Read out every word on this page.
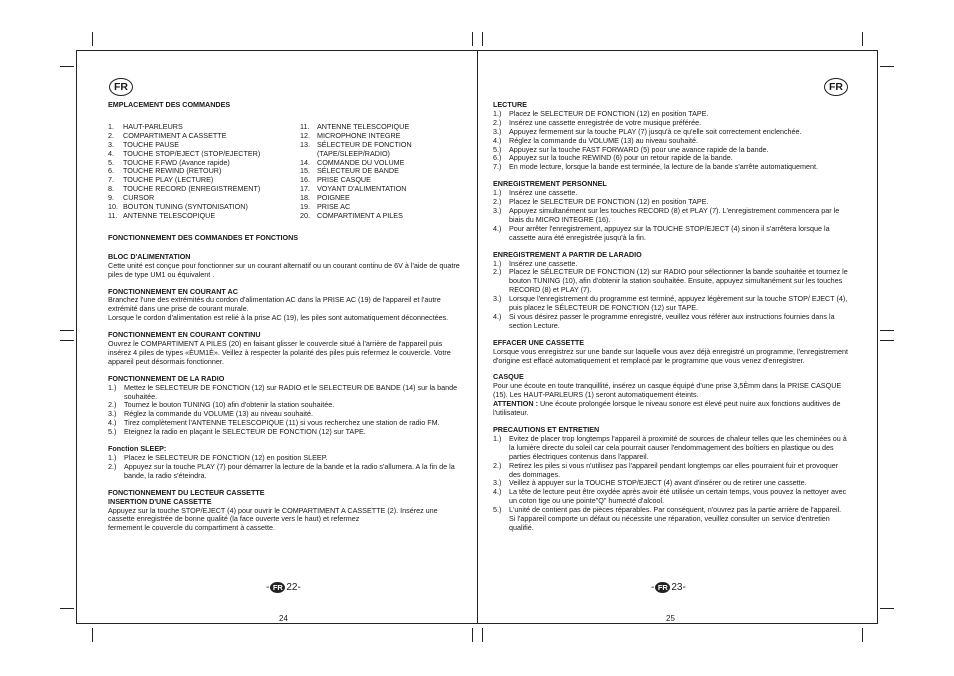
FR	FR

EMPLACEMENT DES COMMANDES

1.	HAUT-PARLEURS
2.	COMPARTIMENT A CASSETTE
3.	TOUCHE PAUSE
4.	TOUCHE STOP/EJECT (STOP/EJECTER)
5.	TOUCHE F.FWD (Avance rapide)
6.	TOUCHE REWIND (RETOUR)
7.	TOUCHE PLAY (LECTURE)
8.	TOUCHE RECORD (ENREGISTREMENT)
9.	CURSOR
10. BOUTON TUNING (SYNTONISATION)
11. ANTENNE TELESCOPIQUE
11.	ANTENNE TELESCOPIQUE
12. MICROPHONE INTEGRE
13. SÉLECTEUR DE FONCTION
(TAPE/SLEEP/RADIO)
14. COMMANDE DU VOLUME
15. SÉLECTEUR DE BANDE
16. PRISE CASQUE
17. VOYANT D'ALIMENTATION
18. POIGNEE
19. PRISE AC
20. COMPARTIMENT A PILES

FONCTIONNEMENT DES COMMANDES ET FONCTIONS

BLOC D'ALIMENTATION

Cette unité est conçue pour fonctionner sur un courant alternatif ou un courant continu de 6V à l'aide de quatre piles de type UM1 ou équivalent .

FONCTIONNEMENT EN COURANT AC

Branchez l'une des extrémités du cordon d'alimentation AC dans la PRISE AC (19) de l'appareil et l'autre extrémité dans une prise de courant murale.

Lorsque le cordon d'alimentation est relié à la prise AC (19), les piles sont automatiquement déconnectées.

FONCTIONNEMENT EN COURANT CONTINU

Ouvrez le COMPARTIMENT A PILES (20) en faisant glisser le couvercle situé à l'arrière de l'appareil puis insérez 4 piles de types «ÈUM1È». Veillez à respecter la polarité des piles puis refermez le couvercle. Votre appareil peut désormais fonctionner.

FONCTIONNEMENT DE LA RADIO

1.)	Mettez le SELECTEUR DE FONCTION (12) sur RADIO et le SELECTEUR DE BANDE (14) sur la bande souhaitée.
2.)	Tournez le bouton TUNING (10) afin d'obtenir la station souhaitée.
3.)	Réglez la commande du VOLUME (13) au niveau souhaité.
4.)	Tirez complètement l'ANTENNE TELESCOPIQUE (11) si vous recherchez une station de radio FM.
5.)	Eteignez la radio en plaçant le SELECTEUR DE FONCTION (12) sur TAPE.

Fonction SLEEP:

1.)	Placez le SELECTEUR DE FONCTION (12) en position SLEEP.
2.)	Appuyez sur la touche PLAY (7) pour démarrer la lecture de la bande et la radio s'allumera. A la fin de la bande, la radio s'éteindra.

FONCTIONNEMENT DU LECTEUR CASSETTE

INSERTION D'UNE CASSETTE

Appuyez sur la touche STOP/EJECT (4) pour ouvrir le COMPARTIMENT A CASSETTE (2). Insérez une cassette enregistrée de bonne qualité (la face ouverte vers le haut) et refermez

fermement le couvercle du compartiment à cassette.

LECTURE

1.)	Placez le SELECTEUR DE FONCTION (12) en position TAPE.
2.)	Insérez une cassette enregistrée de votre musique préférée.
3.)	Appuyez fermement sur la touche PLAY (7) jusqu'à ce qu'elle soit correctement enclenchée.
4.)	Réglez la commande du VOLUME (13) au niveau souhaité.
5.)	Appuyez sur la touche FAST FORWARD (5) pour une avance rapide de la bande.
6.)	Appuyez sur la touche REWIND (6) pour un retour rapide de la bande.
7.)	En mode lecture, lorsque la bande est terminée, la lecture de la bande s'arrête automatiquement.

ENREGISTREMENT PERSONNEL

1.)	Insérez une cassette.
2.)	Placez le SELECTEUR DE FONCTION (12) en position TAPE.
3.)	Appuyez simultanément sur les touches RECORD (8) et PLAY (7). L'enregistrement commencera par le biais du MICRO INTEGRE (16).
4.)	Pour arrêter l'enregistrement, appuyez sur la TOUCHE STOP/EJECT (4) sinon il s'arrêtera lorsque la cassette aura été enregistrée jusqu'à la fin.

ENREGISTREMENT A PARTIR DE LARADIO

1.)	Insérez une cassette.
2.)	Placez le SÉLECTEUR DE FONCTION (12) sur RADIO pour sélectionner la bande souhaitée et tournez le bouton TUNING (10), afin d'obtenir la station souhaitée. Ensuite, appuyez simultanément sur les touches RECORD (8) et PLAY (7).
3.)	Lorsque l'enregistrement du programme est terminé, appuyez légèrement sur la touche STOP/ EJECT (4), puis placez le SÉLECTEUR DE FONCTION (12) sur TAPE.
4.)	Si vous désirez passer le programme enregistré, veuillez vous référer aux instructions fournies dans la section Lecture.

EFFACER UNE CASSETTE

Lorsque vous enregistrez sur une bande sur laquelle vous avez déjà enregistré un programme, l'enregistrement d'origine est effacé automatiquement et remplacé par le programme que vous venez d'enregistrer.

CASQUE

Pour une écoute en toute tranquillité, insérez un casque équipé d'une prise 3,5Èmm dans la PRISE CASQUE (15). Les HAUT-PARLEURS (1) seront automatiquement éteints.

ATTENTION : Une écoute prolongée lorsque le niveau sonore est élevé peut nuire aux fonctions auditives de l'utilisateur.

PRECAUTIONS ET ENTRETIEN

1.)	Evitez de placer trop longtemps l'appareil à proximité de sources de chaleur telles que les cheminées ou à la lumière directe du soleil car cela pourrait causer l'endommagement des boîtiers en plastique ou des parties électriques contenus dans l'appareil.
2.)	Retirez les piles si vous n'utilisez pas l'appareil pendant longtemps car elles pourraient fuir et provoquer des dommages.
3.)	Veillez à appuyer sur la TOUCHE STOP/EJECT (4) avant d'insérer ou de retirer une cassette.
4.)	La tête de lecture peut être oxydée après avoir été utilisée un certain temps, vous pouvez la nettoyer avec un coton tige ou une pointe"Q" humecté d'alcool.
5.)	L'unité de contient pas de pièces réparables. Par conséquent, n'ouvrez pas la partie arrière de l'appareil. Si l'appareil comporte un défaut ou nécessite une réparation, veuillez consulter un service d'entretien qualifié.
- FR 22-
24
- FR 23-
25
